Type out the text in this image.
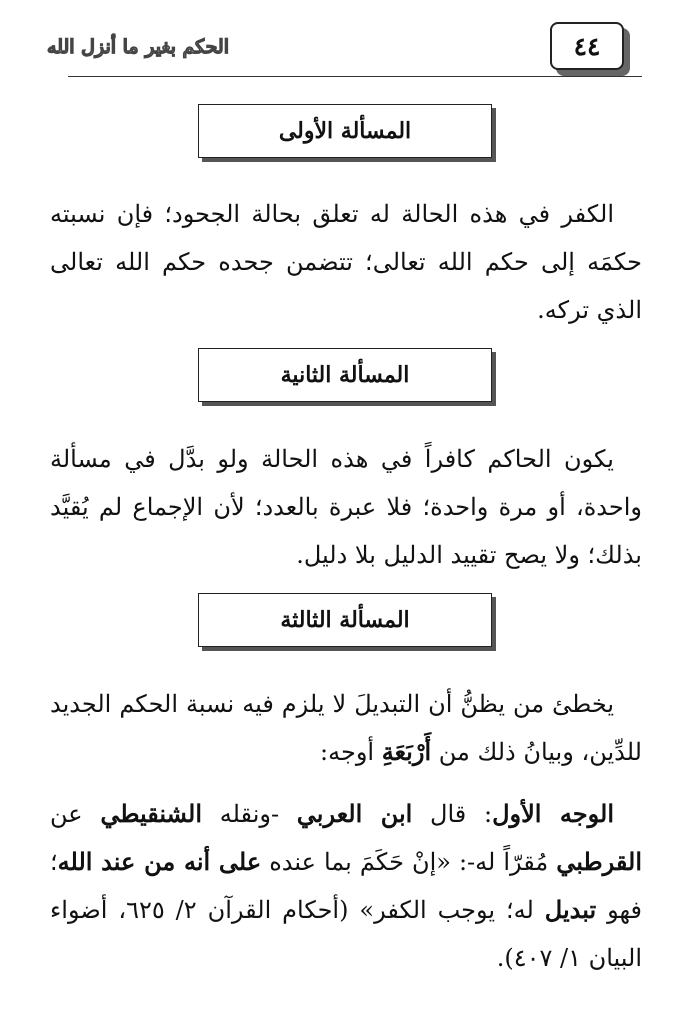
٤٤
الحكم بغير ما أنزل الله
المسألة الأولى

الكفر في هذه الحالة له تعلق بحالة الجحود؛ فإن نسبته حكمَه إلى حكم الله تعالى؛ تتضمن جحده حكم الله تعالى الذي تركه.

المسألة الثانية

يكون الحاكم كافراً في هذه الحالة ولو بدَّل في مسألة واحدة، أو مرة واحدة؛ فلا عبرة بالعدد؛ لأن الإجماع لم يُقيَّد بذلك؛ ولا يصح تقييد الدليل بلا دليل.

المسألة الثالثة

يخطئ من يظنُّ أن التبديلَ لا يلزم فيه نسبة الحكم الجديد للدِّين، وبيانُ ذلك من أَرْبَعَةِ أوجه:

الوجه الأول: قال ابن العربي -ونقله الشنقيطي عن القرطبي مُقرّاً له-: «إنْ حَكَمَ بما عنده على أنه من عند الله؛ فهو تبديل له؛ يوجب الكفر» (أحكام القرآن ٢/ ٦٢٥، أضواء البيان ١/ ٤٠٧).
